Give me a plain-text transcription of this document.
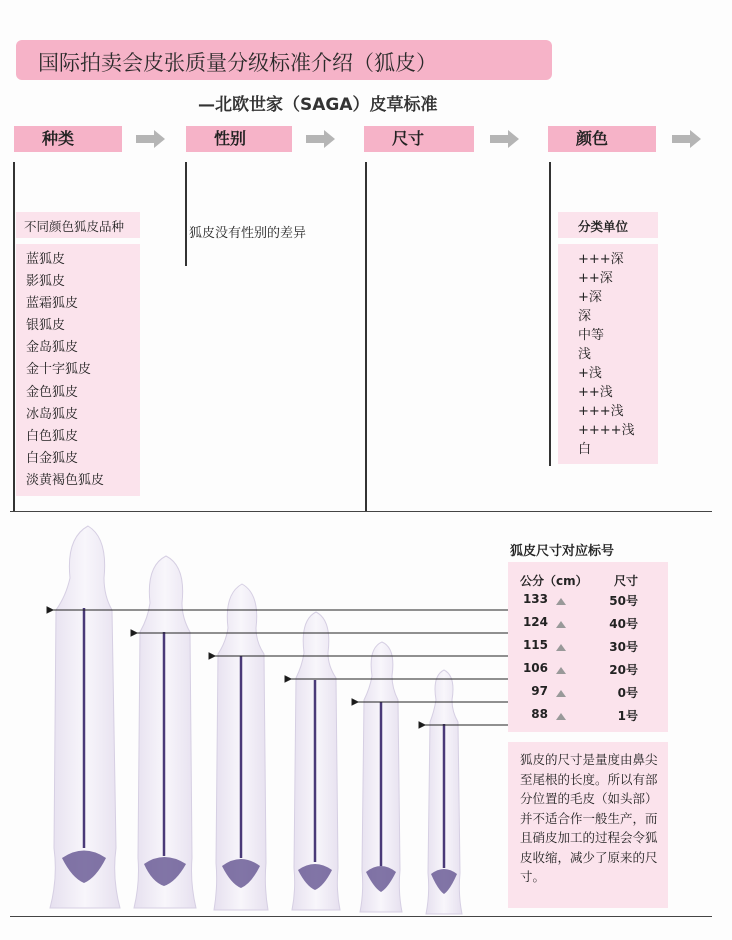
国际拍卖会皮张质量分级标准介绍（狐皮）
—北欧世家（SAGA）皮草标准
种类	性别	尺寸	颜色
不同颜色狐皮品种
蓝狐皮
影狐皮
蓝霜狐皮
银狐皮
金岛狐皮
金十字狐皮
金色狐皮
冰岛狐皮
白色狐皮
白金狐皮
淡黄褐色狐皮
狐皮没有性别的差异	分类单位
+++深
++深
+深
深
中等
浅
+浅
++浅
+++浅
++++浅
白
狐皮尺寸对应标号
公分（cm） 尺寸
133	50号
124	40号
115	30号
106	20号
97	0号
88	1号
狐皮的尺寸是量度由鼻尖至尾根的长度。所以有部分位置的毛皮（如头部）并不适合作一般生产，而且硝皮加工的过程会令狐皮收缩，减少了原来的尺寸。
